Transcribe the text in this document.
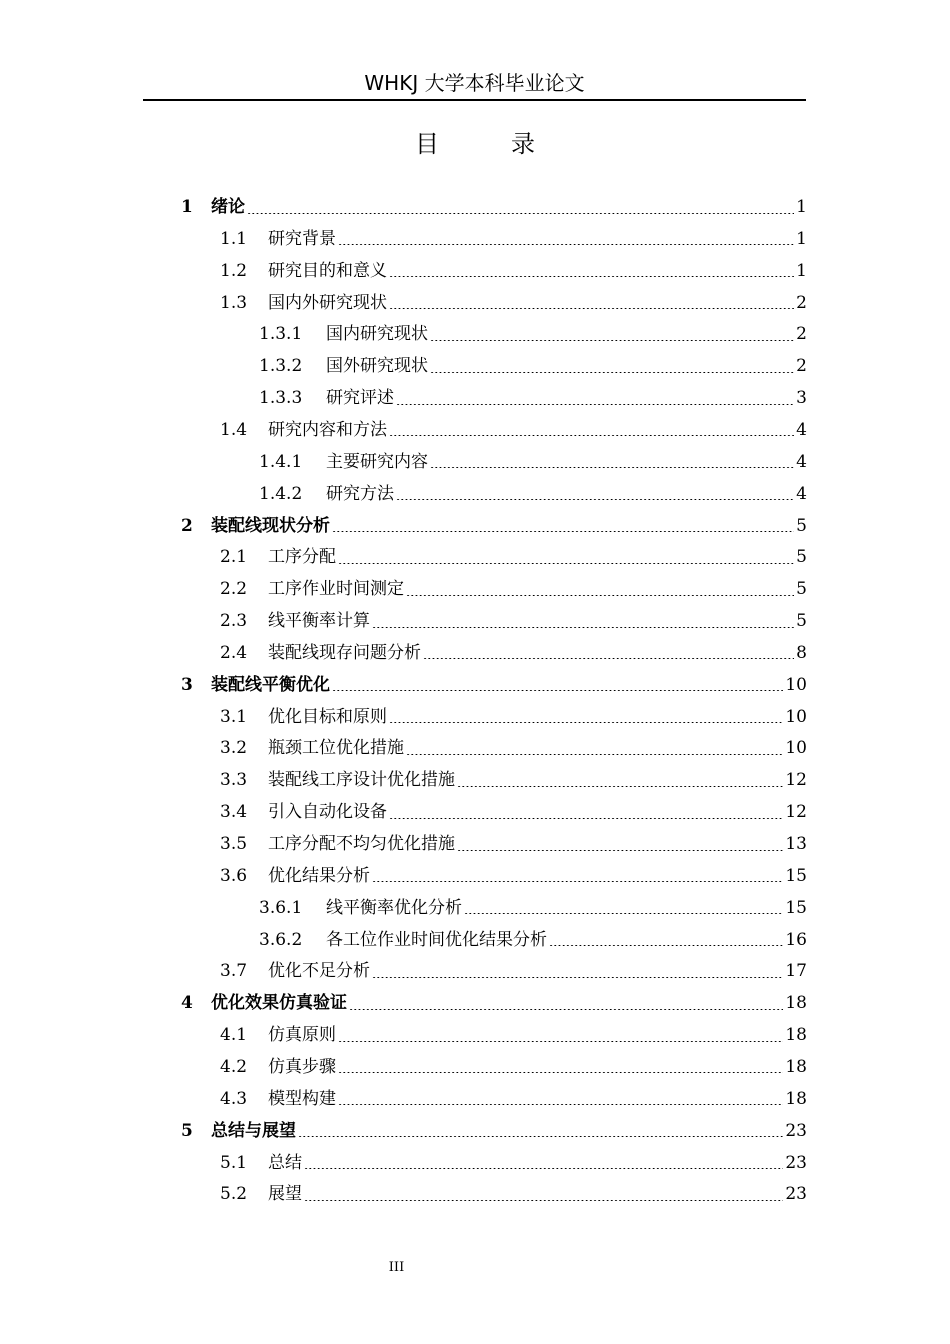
WHKJ 大学本科毕业论文
目　录
1	绪论	1
1.1	研究背景	1
1.2	研究目的和意义	1
1.3	国内外研究现状	2
1.3.1	国内研究现状	2
1.3.2	国外研究现状	2
1.3.3	研究评述	3
1.4	研究内容和方法	4
1.4.1	主要研究内容	4
1.4.2	研究方法	4
2	装配线现状分析	5
2.1	工序分配	5
2.2	工序作业时间测定	5
2.3	线平衡率计算	5
2.4	装配线现存问题分析	8
3	装配线平衡优化	10
3.1	优化目标和原则	10
3.2	瓶颈工位优化措施	10
3.3	装配线工序设计优化措施	12
3.4	引入自动化设备	12
3.5	工序分配不均匀优化措施	13
3.6	优化结果分析	15
3.6.1	线平衡率优化分析	15
3.6.2	各工位作业时间优化结果分析	16
3.7	优化不足分析	17
4	优化效果仿真验证	18
4.1	仿真原则	18
4.2	仿真步骤	18
4.3	模型构建	18
5	总结与展望	23
5.1	总结	23
5.2	展望	23
III
